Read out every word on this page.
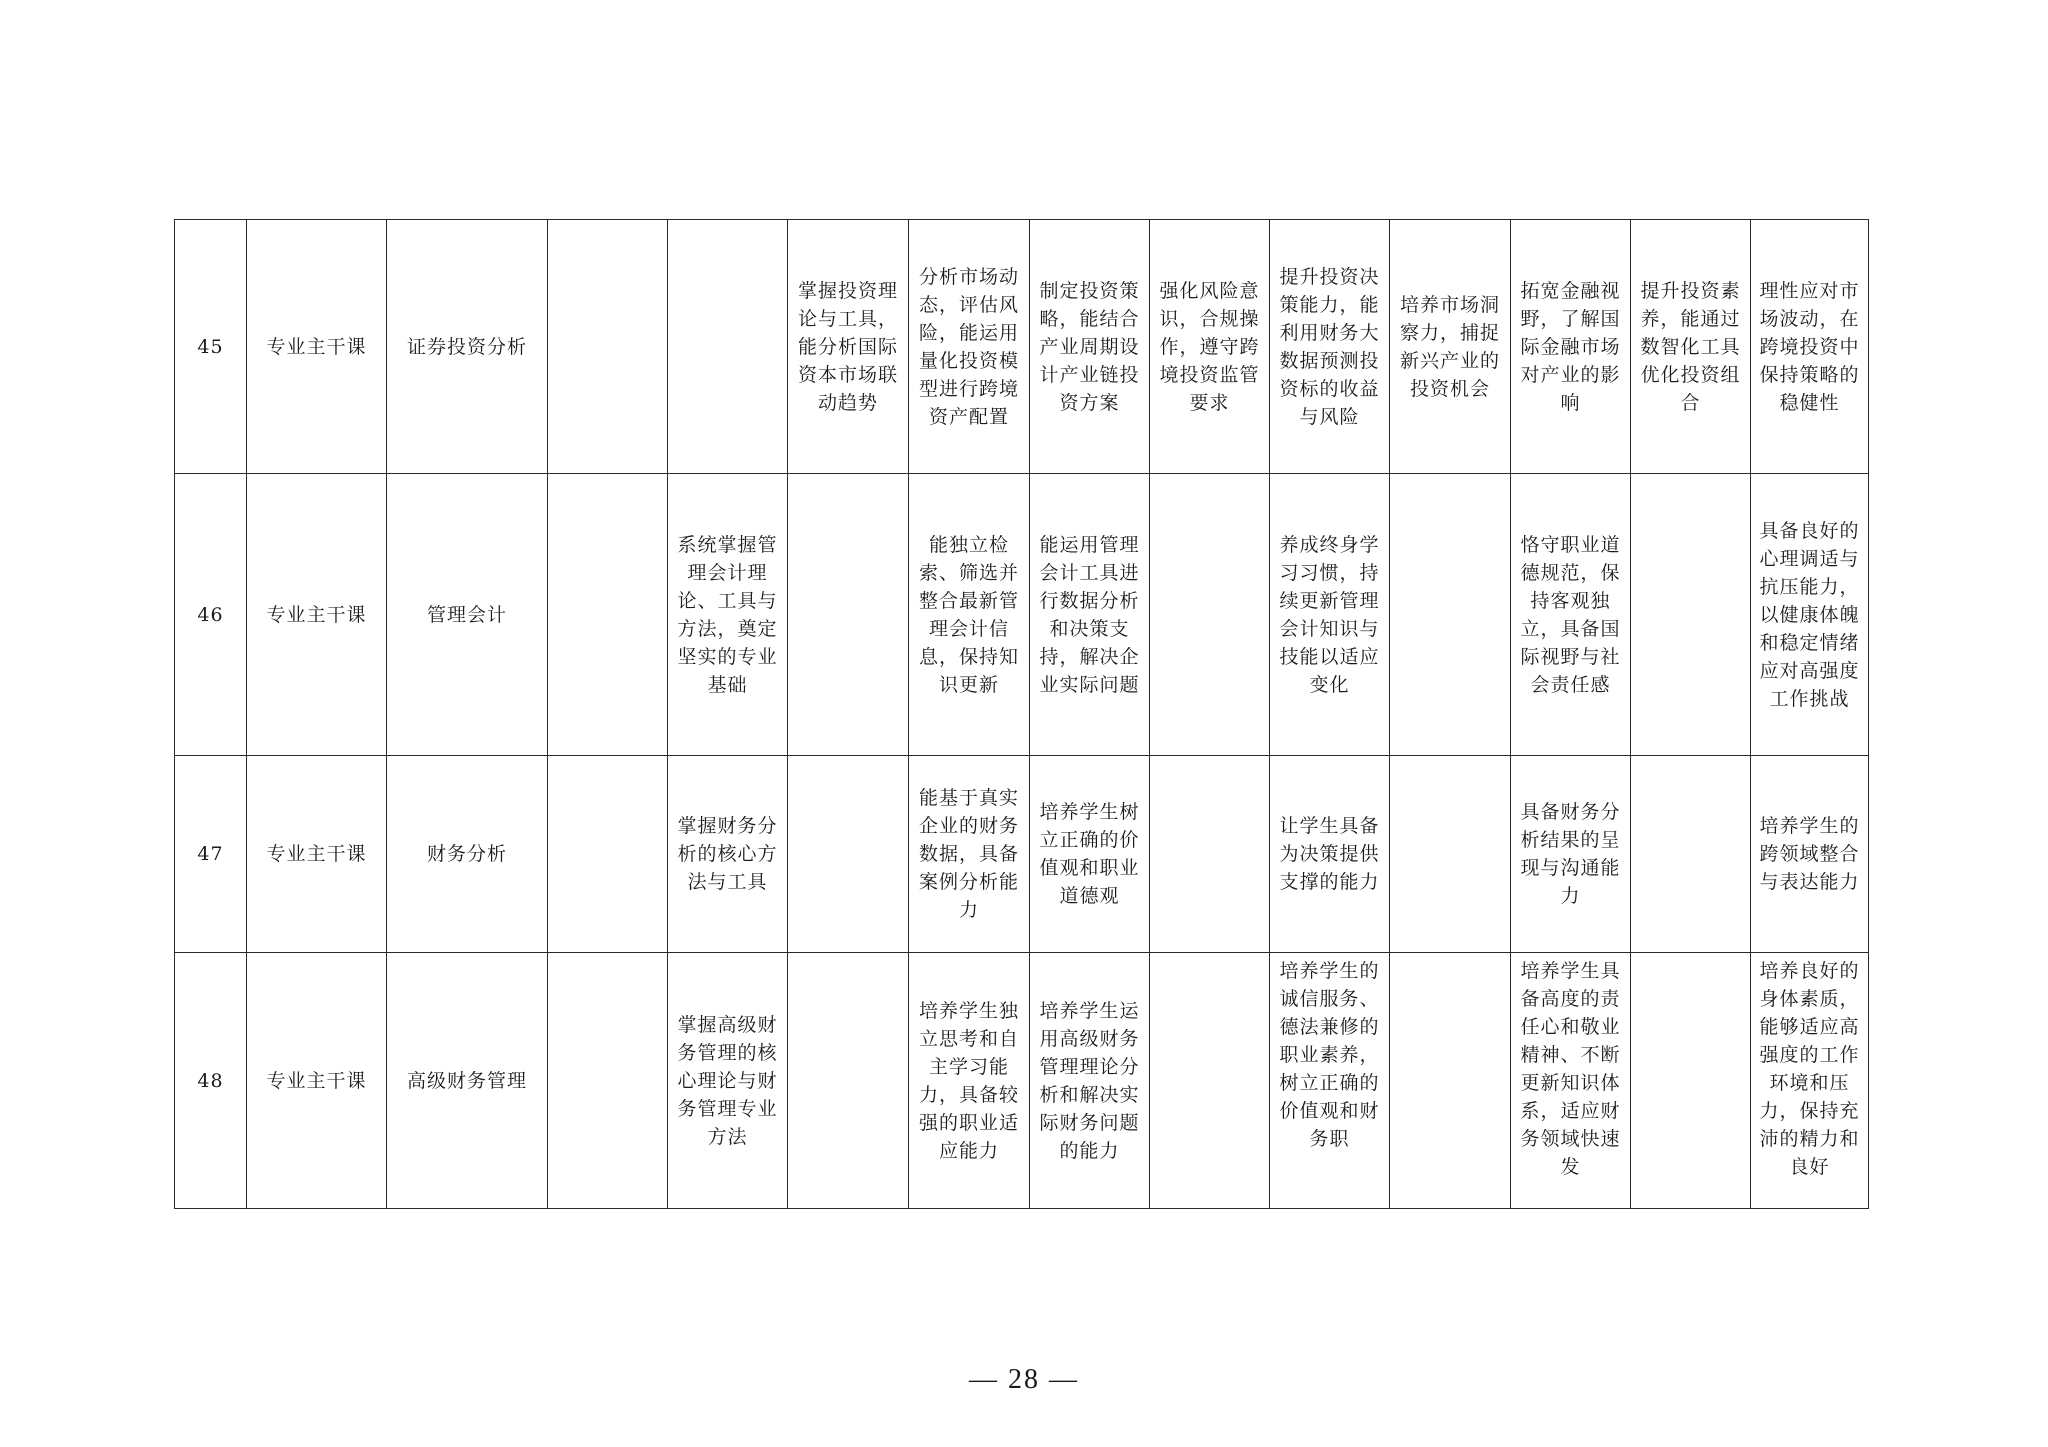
45	专业主干课	证券投资分析			掌握投资理论与工具，能分析国际资本市场联动趋势	分析市场动态，评估风险，能运用量化投资模型进行跨境资产配置	制定投资策略，能结合产业周期设计产业链投资方案	强化风险意识，合规操作，遵守跨境投资监管要求	提升投资决策能力，能利用财务大数据预测投资标的收益与风险	培养市场洞察力，捕捉新兴产业的投资机会	拓宽金融视野，了解国际金融市场对产业的影响	提升投资素养，能通过数智化工具优化投资组合	理性应对市场波动，在跨境投资中保持策略的稳健性

46	专业主干课	管理会计		系统掌握管理会计理论、工具与方法，奠定坚实的专业基础		能独立检索、筛选并整合最新管理会计信息，保持知识更新	能运用管理会计工具进行数据分析和决策支持，解决企业实际问题		养成终身学习习惯，持续更新管理会计知识与技能以适应变化		恪守职业道德规范，保持客观独立，具备国际视野与社会责任感		具备良好的心理调适与抗压能力，以健康体魄和稳定情绪应对高强度工作挑战

47	专业主干课	财务分析		掌握财务分析的核心方法与工具		能基于真实企业的财务数据，具备案例分析能力	培养学生树立正确的价值观和职业道德观		让学生具备为决策提供支撑的能力		具备财务分析结果的呈现与沟通能力		培养学生的跨领域整合与表达能力

48	专业主干课	高级财务管理		掌握高级财务管理的核心理论与财务管理专业方法		培养学生独立思考和自主学习能力，具备较强的职业适应能力	培养学生运用高级财务管理理论分析和解决实际财务问题的能力		培养学生的诚信服务、德法兼修的职业素养，树立正确的价值观和财务职		培养学生具备高度的责任心和敬业精神、不断更新知识体系，适应财务领域快速发		培养良好的身体素质，能够适应高强度的工作环境和压力，保持充沛的精力和良好
— 28 —
